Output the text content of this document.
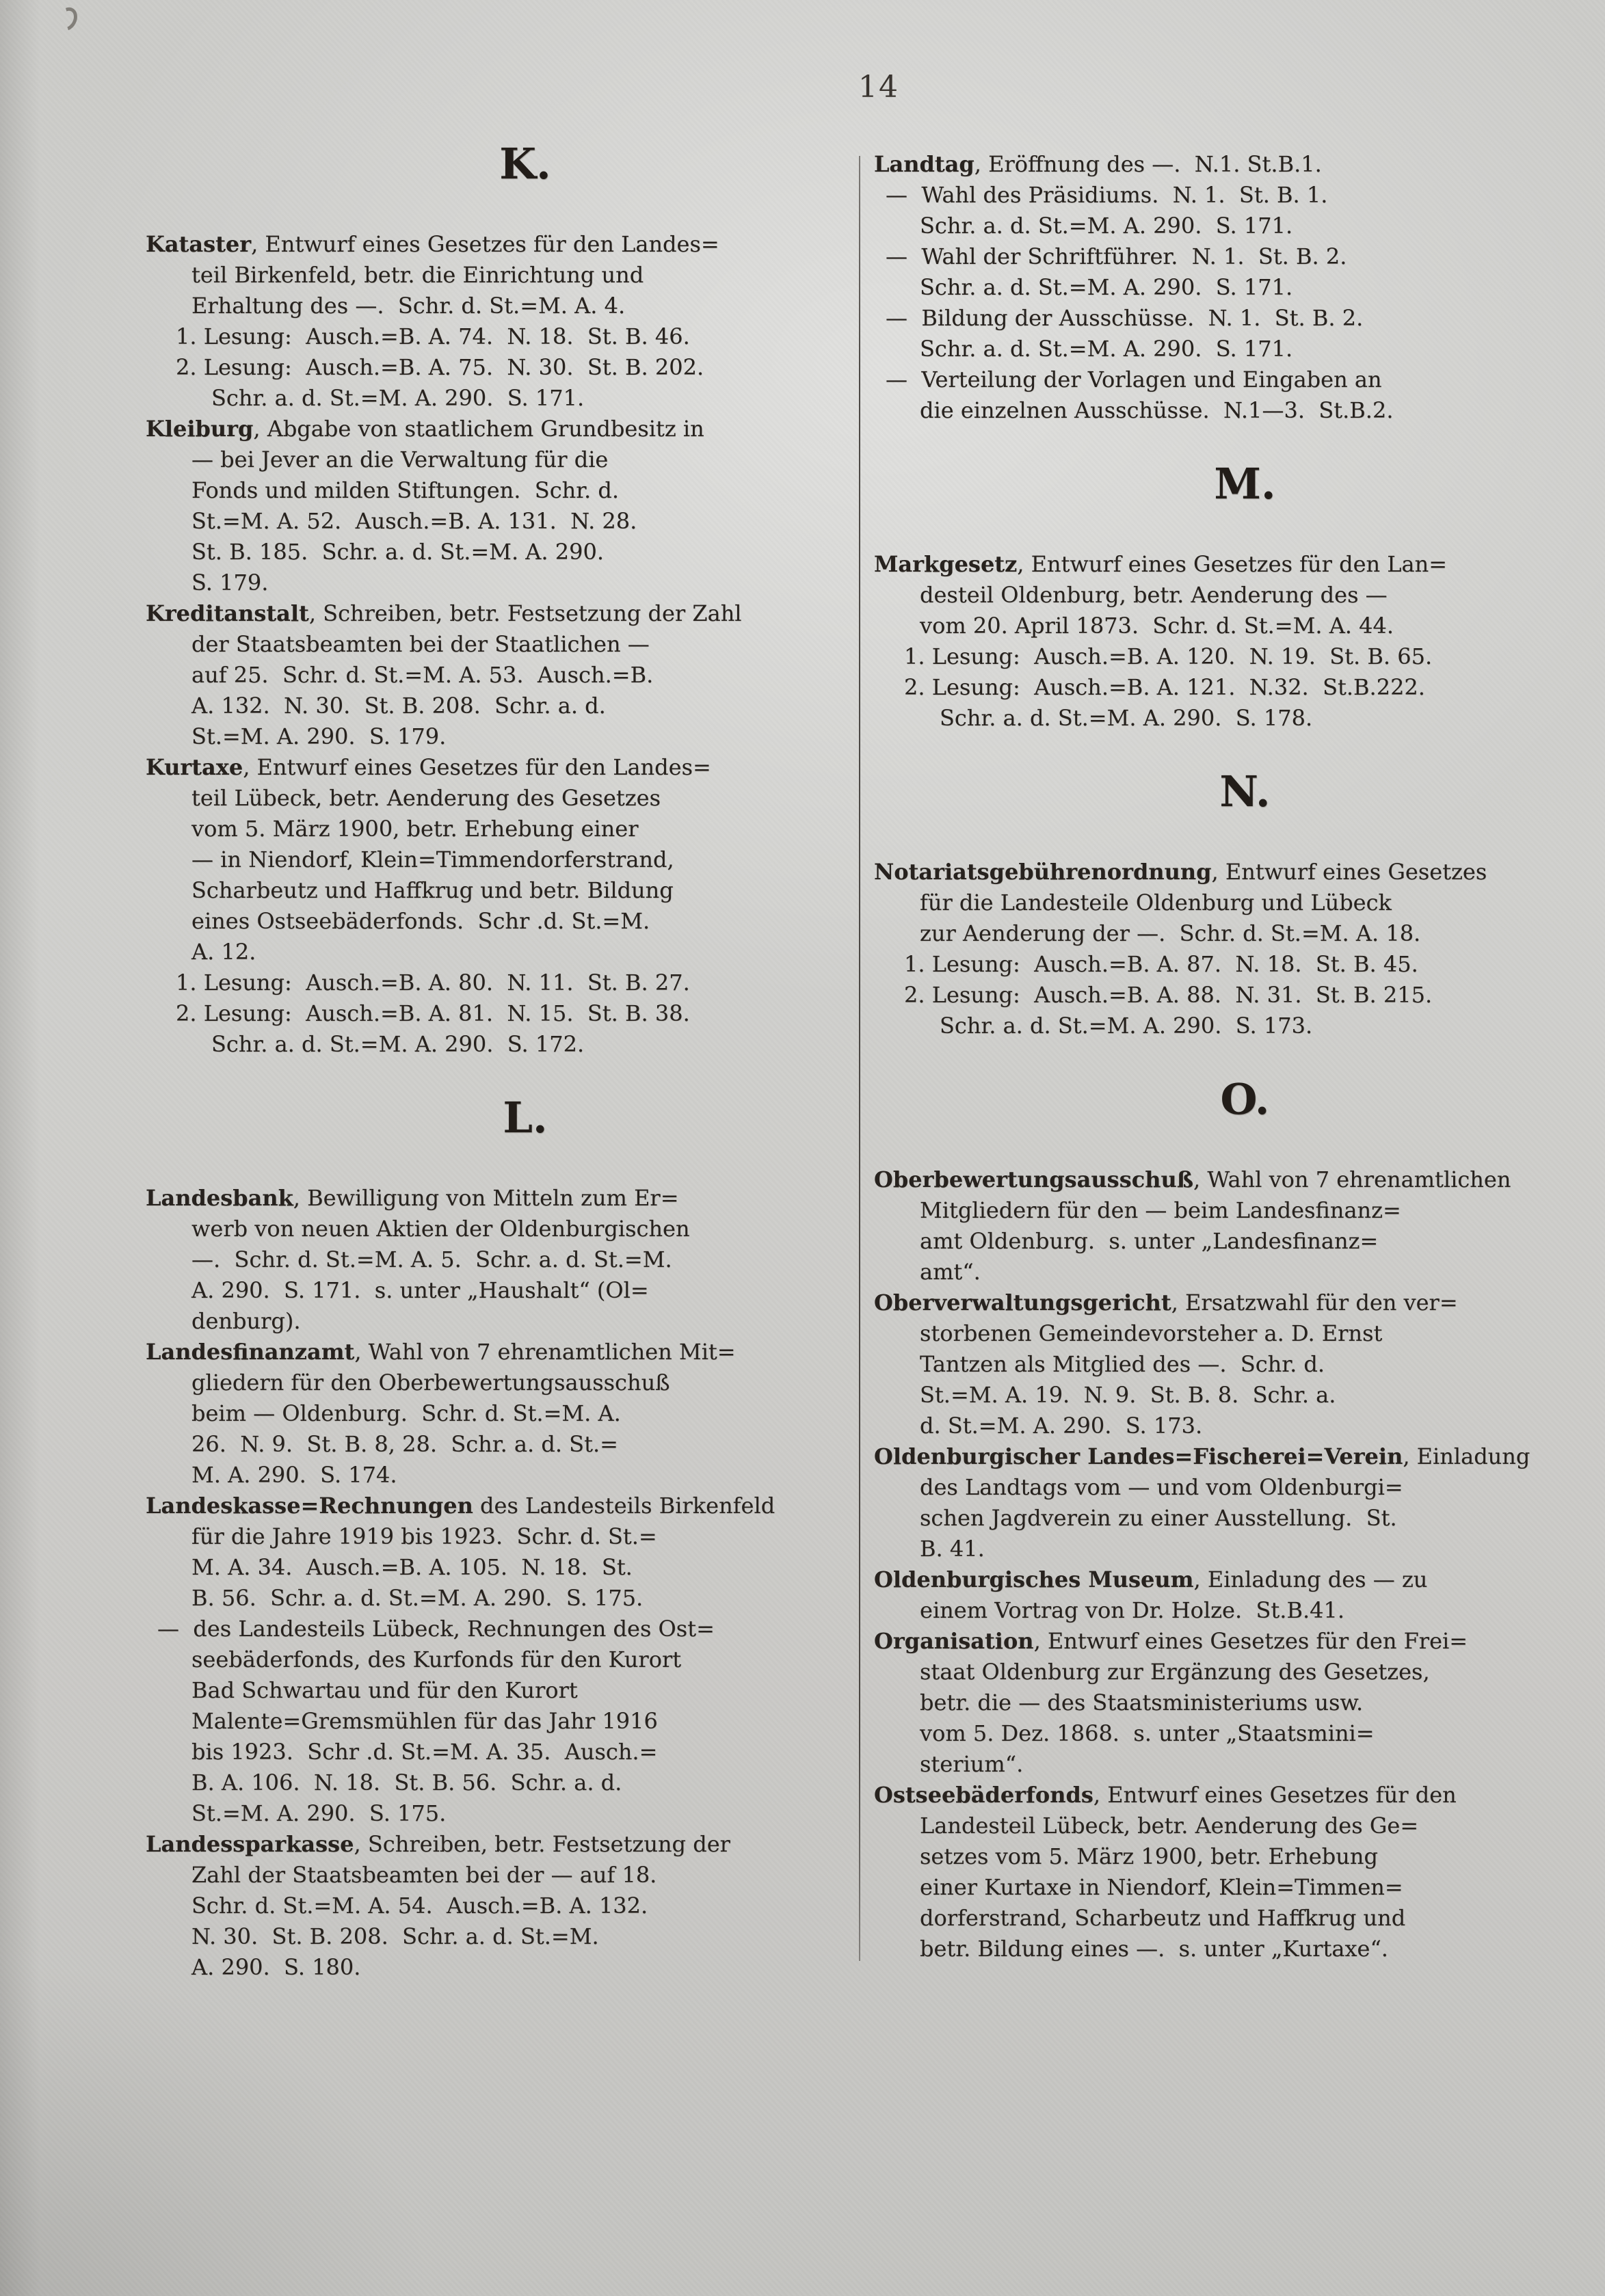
14
K.
Kataster, Entwurf eines Gesetzes für den Landes=
teil Birkenfeld, betr. die Einrichtung und
Erhaltung des —.  Schr. d. St.=M. A. 4.
1. Lesung:  Ausch.=B. A. 74.  N. 18.  St. B. 46.
2. Lesung:  Ausch.=B. A. 75.  N. 30.  St. B. 202.
Schr. a. d. St.=M. A. 290.  S. 171.
Kleiburg, Abgabe von staatlichem Grundbesitz in
— bei Jever an die Verwaltung für die
Fonds und milden Stiftungen.  Schr. d.
St.=M. A. 52.  Ausch.=B. A. 131.  N. 28.
St. B. 185.  Schr. a. d. St.=M. A. 290.
S. 179.
Kreditanstalt, Schreiben, betr. Festsetzung der Zahl
der Staatsbeamten bei der Staatlichen —
auf 25.  Schr. d. St.=M. A. 53.  Ausch.=B.
A. 132.  N. 30.  St. B. 208.  Schr. a. d.
St.=M. A. 290.  S. 179.
Kurtaxe, Entwurf eines Gesetzes für den Landes=
teil Lübeck, betr. Aenderung des Gesetzes
vom 5. März 1900, betr. Erhebung einer
— in Niendorf, Klein=Timmendorferstrand,
Scharbeutz und Haffkrug und betr. Bildung
eines Ostseebäderfonds.  Schr .d. St.=M.
A. 12.
1. Lesung:  Ausch.=B. A. 80.  N. 11.  St. B. 27.
2. Lesung:  Ausch.=B. A. 81.  N. 15.  St. B. 38.
Schr. a. d. St.=M. A. 290.  S. 172.
L.
Landesbank, Bewilligung von Mitteln zum Er=
werb von neuen Aktien der Oldenburgischen
—.  Schr. d. St.=M. A. 5.  Schr. a. d. St.=M.
A. 290.  S. 171.  s. unter „Haushalt“ (Ol=
denburg).
Landesfinanzamt, Wahl von 7 ehrenamtlichen Mit=
gliedern für den Oberbewertungsausschuß
beim — Oldenburg.  Schr. d. St.=M. A.
26.  N. 9.  St. B. 8, 28.  Schr. a. d. St.=
M. A. 290.  S. 174.
Landeskasse=Rechnungen des Landesteils Birkenfeld
für die Jahre 1919 bis 1923.  Schr. d. St.=
M. A. 34.  Ausch.=B. A. 105.  N. 18.  St.
B. 56.  Schr. a. d. St.=M. A. 290.  S. 175.
—  des Landesteils Lübeck, Rechnungen des Ost=
seebäderfonds, des Kurfonds für den Kurort
Bad Schwartau und für den Kurort
Malente=Gremsmühlen für das Jahr 1916
bis 1923.  Schr .d. St.=M. A. 35.  Ausch.=
B. A. 106.  N. 18.  St. B. 56.  Schr. a. d.
St.=M. A. 290.  S. 175.
Landessparkasse, Schreiben, betr. Festsetzung der
Zahl der Staatsbeamten bei der — auf 18.
Schr. d. St.=M. A. 54.  Ausch.=B. A. 132.
N. 30.  St. B. 208.  Schr. a. d. St.=M.
A. 290.  S. 180.
Landtag, Eröffnung des —.  N.1. St.B.1.
—  Wahl des Präsidiums.  N. 1.  St. B. 1.
Schr. a. d. St.=M. A. 290.  S. 171.
—  Wahl der Schriftführer.  N. 1.  St. B. 2.
Schr. a. d. St.=M. A. 290.  S. 171.
—  Bildung der Ausschüsse.  N. 1.  St. B. 2.
Schr. a. d. St.=M. A. 290.  S. 171.
—  Verteilung der Vorlagen und Eingaben an
die einzelnen Ausschüsse.  N.1—3.  St.B.2.
M.
Markgesetz, Entwurf eines Gesetzes für den Lan=
desteil Oldenburg, betr. Aenderung des —
vom 20. April 1873.  Schr. d. St.=M. A. 44.
1. Lesung:  Ausch.=B. A. 120.  N. 19.  St. B. 65.
2. Lesung:  Ausch.=B. A. 121.  N.32.  St.B.222.
Schr. a. d. St.=M. A. 290.  S. 178.
N.
Notariatsgebührenordnung, Entwurf eines Gesetzes
für die Landesteile Oldenburg und Lübeck
zur Aenderung der —.  Schr. d. St.=M. A. 18.
1. Lesung:  Ausch.=B. A. 87.  N. 18.  St. B. 45.
2. Lesung:  Ausch.=B. A. 88.  N. 31.  St. B. 215.
Schr. a. d. St.=M. A. 290.  S. 173.
O.
Oberbewertungsausschuß, Wahl von 7 ehrenamtlichen
Mitgliedern für den — beim Landesfinanz=
amt Oldenburg.  s. unter „Landesfinanz=
amt“.
Oberverwaltungsgericht, Ersatzwahl für den ver=
storbenen Gemeindevorsteher a. D. Ernst
Tantzen als Mitglied des —.  Schr. d.
St.=M. A. 19.  N. 9.  St. B. 8.  Schr. a.
d. St.=M. A. 290.  S. 173.
Oldenburgischer Landes=Fischerei=Verein, Einladung
des Landtags vom — und vom Oldenburgi=
schen Jagdverein zu einer Ausstellung.  St.
B. 41.
Oldenburgisches Museum, Einladung des — zu
einem Vortrag von Dr. Holze.  St.B.41.
Organisation, Entwurf eines Gesetzes für den Frei=
staat Oldenburg zur Ergänzung des Gesetzes,
betr. die — des Staatsministeriums usw.
vom 5. Dez. 1868.  s. unter „Staatsmini=
sterium“.
Ostseebäderfonds, Entwurf eines Gesetzes für den
Landesteil Lübeck, betr. Aenderung des Ge=
setzes vom 5. März 1900, betr. Erhebung
einer Kurtaxe in Niendorf, Klein=Timmen=
dorferstrand, Scharbeutz und Haffkrug und
betr. Bildung eines —.  s. unter „Kurtaxe“.
